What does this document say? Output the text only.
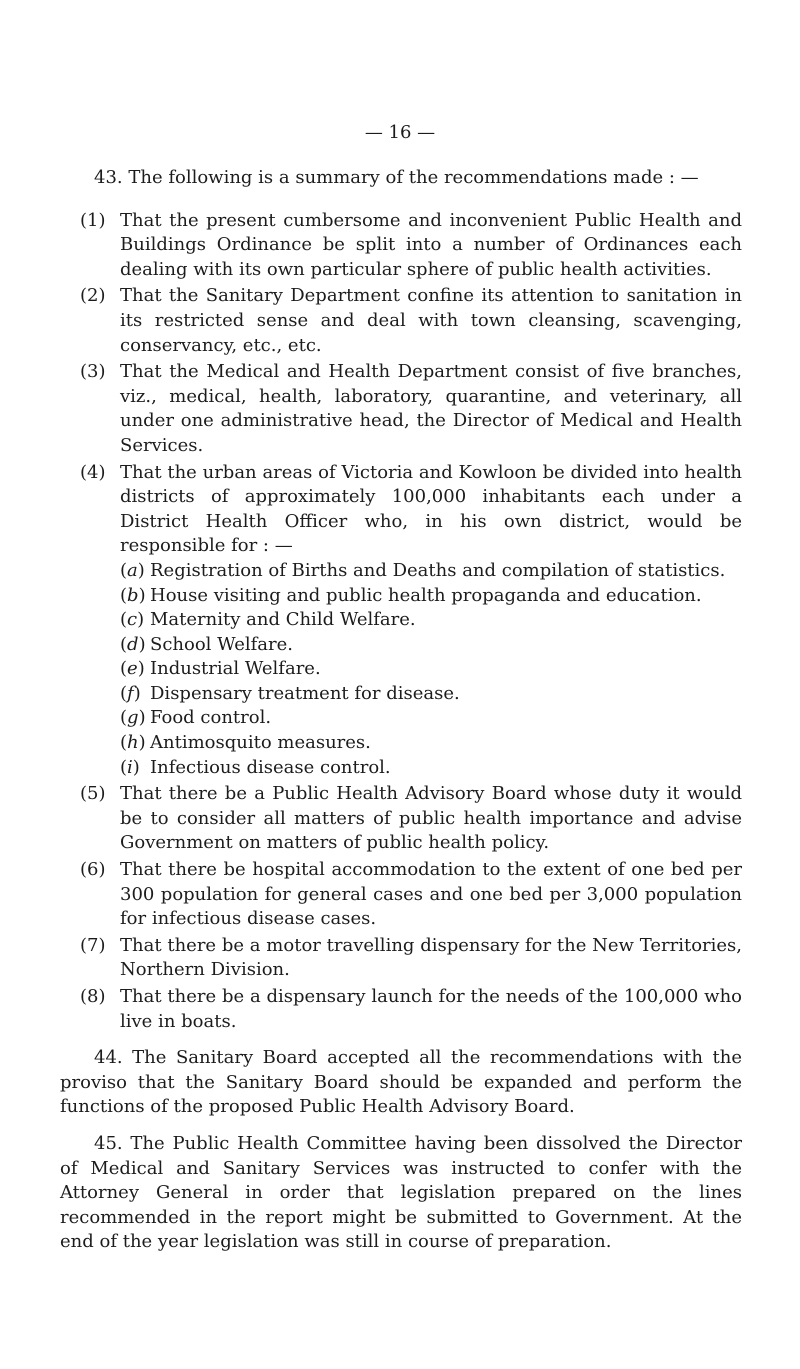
— 16 —

43. The following is a summary of the recommendations made : —

(1) That the present cumbersome and inconvenient Public Health and Buildings Ordinance be split into a number of Ordinances each dealing with its own particular sphere of public health activities.
(2) That the Sanitary Department confine its attention to sanitation in its restricted sense and deal with town cleansing, scavenging, conservancy, etc., etc.
(3) That the Medical and Health Department consist of five branches, viz., medical, health, laboratory, quarantine, and veterinary, all under one administrative head, the Director of Medical and Health Services.
(4) That the urban areas of Victoria and Kowloon be divided into health districts of approximately 100,000 inhabitants each under a District Health Officer who, in his own district, would be responsible for : —
(a) Registration of Births and Deaths and compilation of statistics.
(b) House visiting and public health propaganda and education.
(c) Maternity and Child Welfare.
(d) School Welfare.
(e) Industrial Welfare.
(f) Dispensary treatment for disease.
(g) Food control.
(h) Antimosquito measures.
(i) Infectious disease control.
(5) That there be a Public Health Advisory Board whose duty it would be to consider all matters of public health importance and advise Government on matters of public health policy.
(6) That there be hospital accommodation to the extent of one bed per 300 population for general cases and one bed per 3,000 population for infectious disease cases.
(7) That there be a motor travelling dispensary for the New Territories, Northern Division.
(8) That there be a dispensary launch for the needs of the 100,000 who live in boats.

44. The Sanitary Board accepted all the recommendations with the proviso that the Sanitary Board should be expanded and perform the functions of the proposed Public Health Advisory Board.

45. The Public Health Committee having been dissolved the Director of Medical and Sanitary Services was instructed to confer with the Attorney General in order that legislation prepared on the lines recommended in the report might be submitted to Government. At the end of the year legislation was still in course of preparation.
